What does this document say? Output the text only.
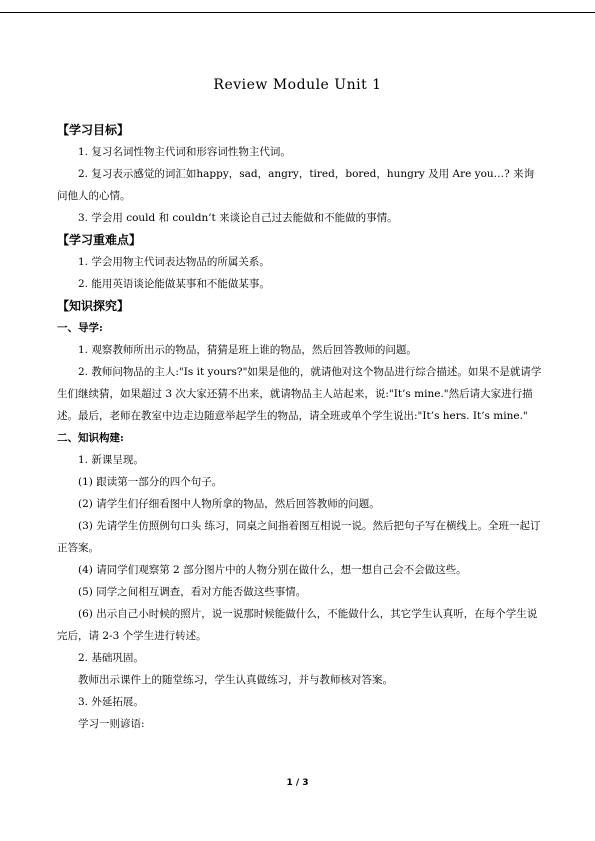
Review Module Unit 1
【学习目标】
1. 复习名词性物主代词和形容词性物主代词。
2. 复习表示感觉的词汇如happy，sad，angry，tired，bored，hungry 及用 Are you…? 来询问他人的心情。
3. 学会用 could 和 couldn’t 来谈论自己过去能做和不能做的事情。
【学习重难点】
1. 学会用物主代词表达物品的所属关系。
2. 能用英语谈论能做某事和不能做某事。
【知识探究】
一、导学:
1. 观察教师所出示的物品，猜猜是班上谁的物品，然后回答教师的问题。
2. 教师问物品的主人:"Is it yours?"如果是他的，就请他对这个物品进行综合描述。如果不是就请学生们继续猜，如果超过 3 次大家还猜不出来，就请物品主人站起来，说:"It’s mine."然后请大家进行描述。最后，老师在教室中边走边随意举起学生的物品，请全班或单个学生说出:"It’s hers. It’s mine."
二、知识构建:
1. 新课呈现。
(1) 跟读第一部分的四个句子。
(2) 请学生们仔细看图中人物所拿的物品，然后回答教师的问题。
(3) 先请学生仿照例句口头 练习，同桌之间指着图互相说一说。然后把句子写在横线上。全班一起订正答案。
(4) 请同学们观察第 2 部分图片中的人物分别在做什么，想一想自己会不会做这些。
(5) 同学之间相互调查，看对方能否做这些事情。
(6) 出示自己小时候的照片，说一说那时候能做什么，不能做什么，其它学生认真听，在每个学生说完后，请 2-3 个学生进行转述。
2. 基础巩固。
教师出示课件上的随堂练习，学生认真做练习，并与教师核对答案。
3. 外延拓展。
学习一则谚语:
1 / 3
